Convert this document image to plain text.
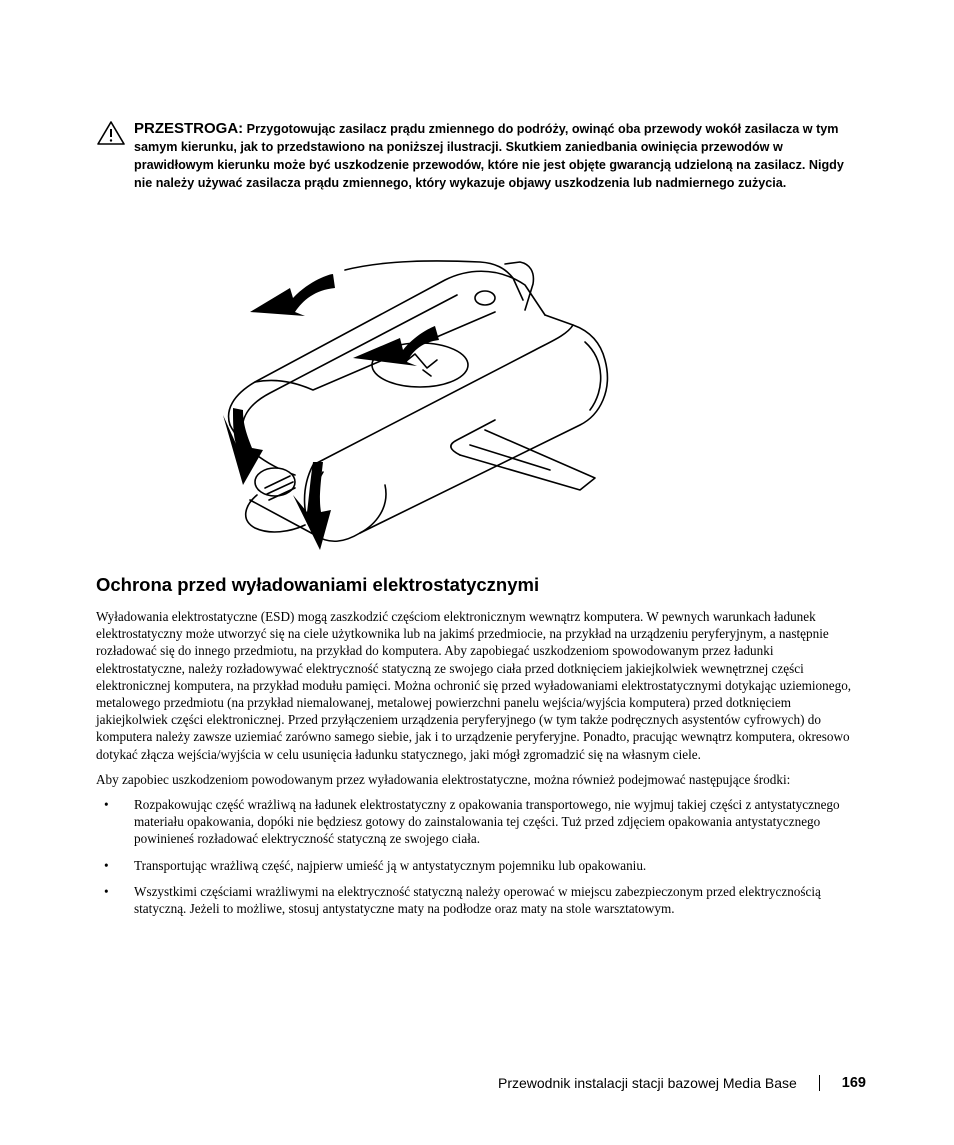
PRZESTROGA: Przygotowując zasilacz prądu zmiennego do podróży, owinąć oba przewody wokół zasilacza w tym samym kierunku, jak to przedstawiono na poniższej ilustracji. Skutkiem zaniedbania owinięcia przewodów w prawidłowym kierunku może być uszkodzenie przewodów, które nie jest objęte gwarancją udzieloną na zasilacz. Nigdy nie należy używać zasilacza prądu zmiennego, który wykazuje objawy uszkodzenia lub nadmiernego zużycia.
Ochrona przed wyładowaniami elektrostatycznymi

Wyładowania elektrostatyczne (ESD) mogą zaszkodzić częściom elektronicznym wewnątrz komputera. W pewnych warunkach ładunek elektrostatyczny może utworzyć się na ciele użytkownika lub na jakimś przedmiocie, na przykład na urządzeniu peryferyjnym, a następnie rozładować się do innego przedmiotu, na przykład do komputera. Aby zapobiegać uszkodzeniom spowodowanym przez ładunki elektrostatyczne, należy rozładowywać elektryczność statyczną ze swojego ciała przed dotknięciem jakiejkolwiek wewnętrznej części elektronicznej komputera, na przykład modułu pamięci. Można ochronić się przed wyładowaniami elektrostatycznymi dotykając uziemionego, metalowego przedmiotu (na przykład niemalowanej, metalowej powierzchni panelu wejścia/wyjścia komputera) przed dotknięciem jakiejkolwiek części elektronicznej. Przed przyłączeniem urządzenia peryferyjnego (w tym także podręcznych asystentów cyfrowych) do komputera należy zawsze uziemiać zarówno samego siebie, jak i to urządzenie peryferyjne. Ponadto, pracując wewnątrz komputera, okresowo dotykać złącza wejścia/wyjścia w celu usunięcia ładunku statycznego, jaki mógł zgromadzić się na własnym ciele.

Aby zapobiec uszkodzeniom powodowanym przez wyładowania elektrostatyczne, można również podejmować następujące środki:

• Rozpakowując część wrażliwą na ładunek elektrostatyczny z opakowania transportowego, nie wyjmuj takiej części z antystatycznego materiału opakowania, dopóki nie będziesz gotowy do zainstalowania tej części. Tuż przed zdjęciem opakowania antystatycznego powinieneś rozładować elektryczność statyczną ze swojego ciała.
• Transportując wrażliwą część, najpierw umieść ją w antystatycznym pojemniku lub opakowaniu.
• Wszystkimi częściami wrażliwymi na elektryczność statyczną należy operować w miejscu zabezpieczonym przed elektrycznością statyczną. Jeżeli to możliwe, stosuj antystatyczne maty na podłodze oraz maty na stole warsztatowym.
Przewodnik instalacji stacji bazowej Media Base	169
